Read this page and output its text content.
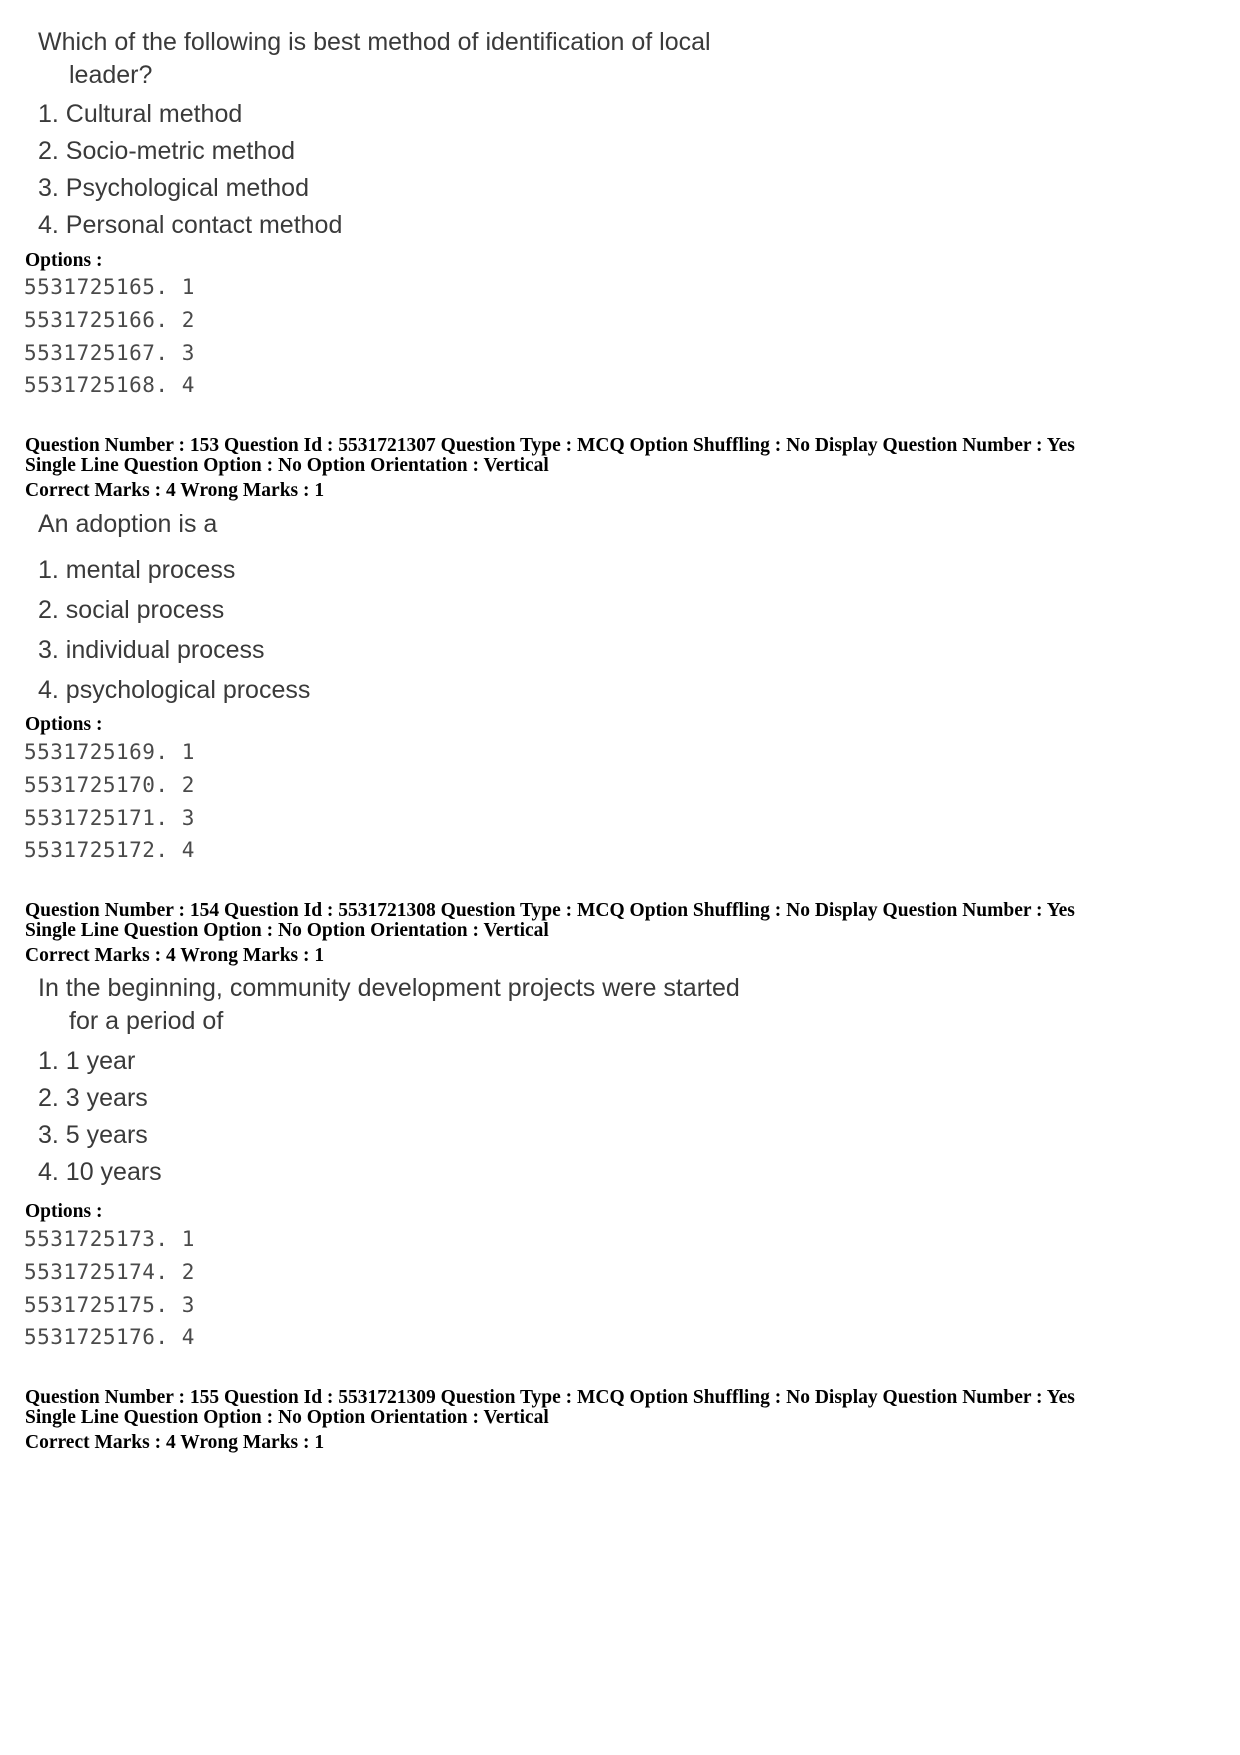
Which of the following is best method of identification of local
leader?

1. Cultural method
2. Socio-metric method
3. Psychological method
4. Personal contact method
Options :
5531725165. 1
5531725166. 2
5531725167. 3
5531725168. 4
Question Number : 153 Question Id : 5531721307 Question Type : MCQ Option Shuffling : No Display Question Number : Yes
Single Line Question Option : No Option Orientation : Vertical
Correct Marks : 4 Wrong Marks : 1
An adoption is a
1. mental process
2. social process
3. individual process
4. psychological process
Options :
5531725169. 1
5531725170. 2
5531725171. 3
5531725172. 4
Question Number : 154 Question Id : 5531721308 Question Type : MCQ Option Shuffling : No Display Question Number : Yes
Single Line Question Option : No Option Orientation : Vertical
Correct Marks : 4 Wrong Marks : 1

In the beginning, community development projects were started
for a period of

1. 1 year
2. 3 years
3. 5 years
4. 10 years
Options :
5531725173. 1
5531725174. 2
5531725175. 3
5531725176. 4
Question Number : 155 Question Id : 5531721309 Question Type : MCQ Option Shuffling : No Display Question Number : Yes
Single Line Question Option : No Option Orientation : Vertical
Correct Marks : 4 Wrong Marks : 1
